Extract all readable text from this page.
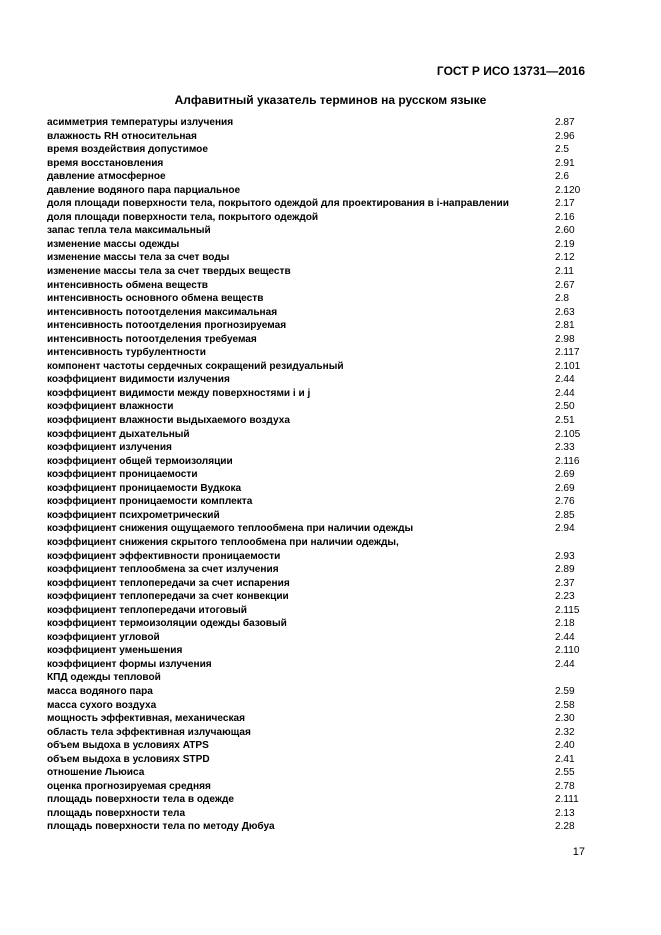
ГОСТ Р ИСО 13731—2016
Алфавитный указатель терминов на русском языке
асимметрия температуры излучения	2.87
влажность RH относительная	2.96
время воздействия допустимое	2.5
время восстановления	2.91
давление атмосферное	2.6
давление водяного пара парциальное	2.120
доля площади поверхности тела, покрытого одеждой для проектирования в i-направлении	2.17
доля площади поверхности тела, покрытого одеждой	2.16
запас тепла тела максимальный	2.60
изменение массы одежды	2.19
изменение массы тела за счет воды	2.12
изменение массы тела за счет твердых веществ	2.11
интенсивность обмена веществ	2.67
интенсивность основного обмена веществ	2.8
интенсивность потоотделения максимальная	2.63
интенсивность потоотделения прогнозируемая	2.81
интенсивность потоотделения требуемая	2.98
интенсивность турбулентности	2.117
компонент частоты сердечных сокращений резидуальный	2.101
коэффициент видимости излучения	2.44
коэффициент видимости между поверхностями i и j	2.44
коэффициент влажности	2.50
коэффициент влажности выдыхаемого воздуха	2.51
коэффициент дыхательный	2.105
коэффициент излучения	2.33
коэффициент общей термоизоляции	2.116
коэффициент проницаемости	2.69
коэффициент проницаемости Вудкока	2.69
коэффициент проницаемости комплекта	2.76
коэффициент психрометрический	2.85
коэффициент снижения ощущаемого теплообмена при наличии одежды	2.94
коэффициент снижения скрытого теплообмена при наличии одежды,
коэффициент эффективности проницаемости	2.93
коэффициент теплообмена за счет излучения	2.89
коэффициент теплопередачи за счет испарения	2.37
коэффициент теплопередачи за счет конвекции	2.23
коэффициент теплопередачи итоговый	2.115
коэффициент термоизоляции одежды базовый	2.18
коэффициент угловой	2.44
коэффициент уменьшения	2.110
коэффициент формы излучения	2.44
КПД одежды тепловой
масса водяного пара	2.59
масса сухого воздуха	2.58
мощность эффективная, механическая	2.30
область тела эффективная излучающая	2.32
объем выдоха в условиях ATPS	2.40
объем выдоха в условиях STPD	2.41
отношение Льюиса	2.55
оценка прогнозируемая средняя	2.78
площадь поверхности тела в одежде	2.111
площадь поверхности тела	2.13
площадь поверхности тела по методу Дюбуа	2.28
17
